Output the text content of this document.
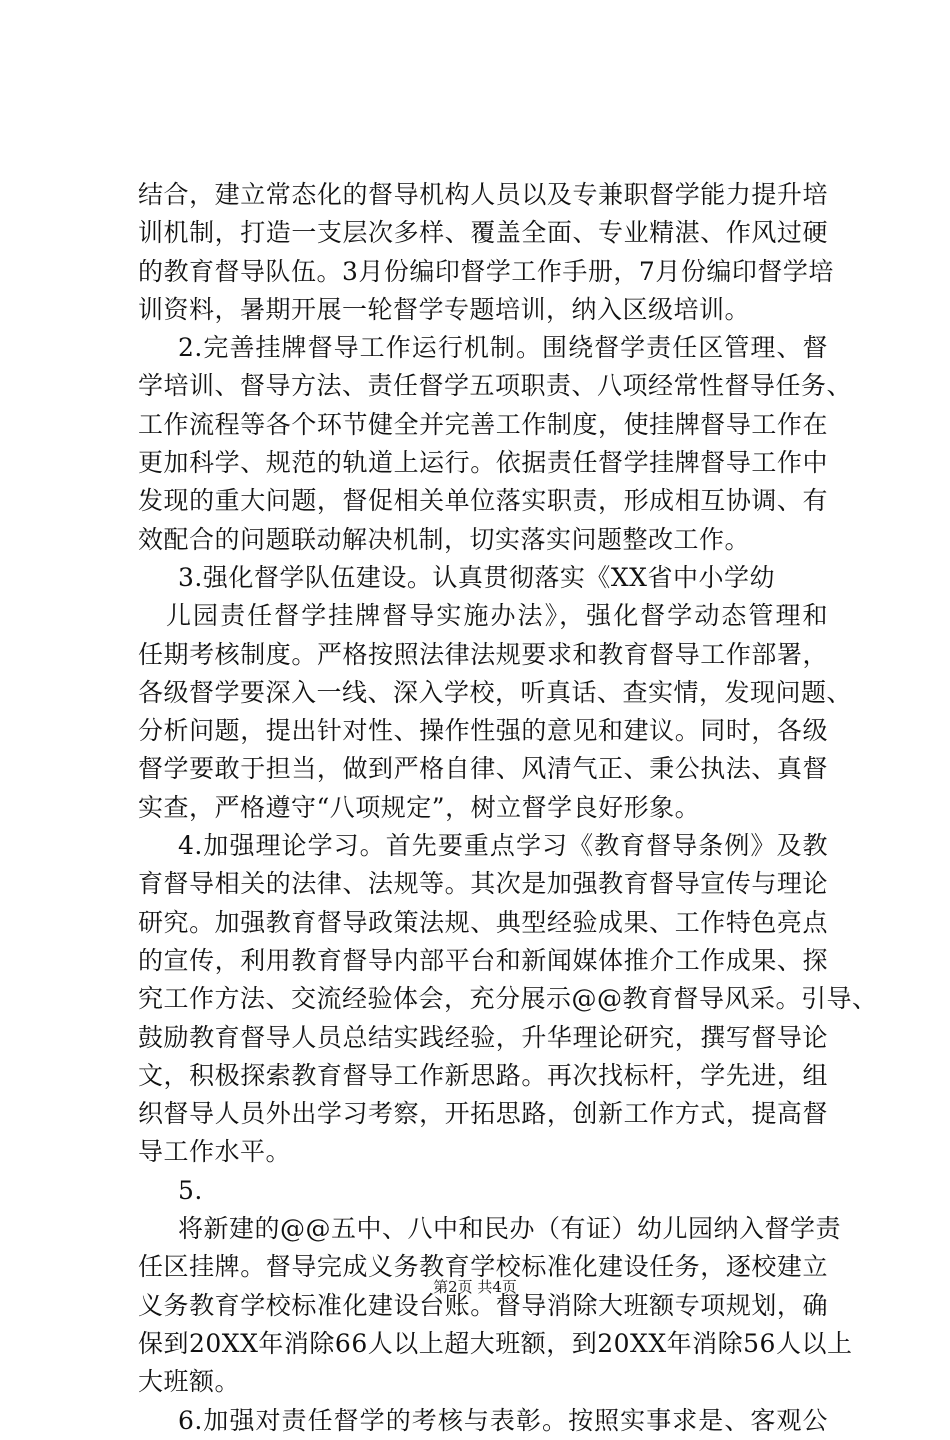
结合，建立常态化的督导机构人员以及专兼职督学能力提升培
训机制，打造一支层次多样、覆盖全面、专业精湛、作风过硬
的教育督导队伍。3月份编印督学工作手册，7月份编印督学培
训资料，暑期开展一轮督学专题培训，纳入区级培训。
2.完善挂牌督导工作运行机制。围绕督学责任区管理、督
学培训、督导方法、责任督学五项职责、八项经常性督导任务、
工作流程等各个环节健全并完善工作制度，使挂牌督导工作在
更加科学、规范的轨道上运行。依据责任督学挂牌督导工作中
发现的重大问题，督促相关单位落实职责，形成相互协调、有
效配合的问题联动解决机制，切实落实问题整改工作。
3.强化督学队伍建设。认真贯彻落实《XX省中小学幼
儿园责任督学挂牌督导实施办法》，强化督学动态管理和
任期考核制度。严格按照法律法规要求和教育督导工作部署，
各级督学要深入一线、深入学校，听真话、查实情，发现问题、
分析问题，提出针对性、操作性强的意见和建议。同时，各级
督学要敢于担当，做到严格自律、风清气正、秉公执法、真督
实查，严格遵守“八项规定”，树立督学良好形象。
4.加强理论学习。首先要重点学习《教育督导条例》及教
育督导相关的法律、法规等。其次是加强教育督导宣传与理论
研究。加强教育督导政策法规、典型经验成果、工作特色亮点
的宣传，利用教育督导内部平台和新闻媒体推介工作成果、探
究工作方法、交流经验体会，充分展示@@教育督导风采。引导、
鼓励教育督导人员总结实践经验，升华理论研究，撰写督导论
文，积极探索教育督导工作新思路。再次找标杆，学先进，组
织督导人员外出学习考察，开拓思路，创新工作方式，提高督
导工作水平。
5.
将新建的@@五中、八中和民办（有证）幼儿园纳入督学责
任区挂牌。督导完成义务教育学校标准化建设任务，逐校建立
义务教育学校标准化建设台账。督导消除大班额专项规划，确
保到20XX年消除66人以上超大班额，到20XX年消除56人以上
大班额。
6.加强对责任督学的考核与表彰。按照实事求是、客观公
第2页 共4页
